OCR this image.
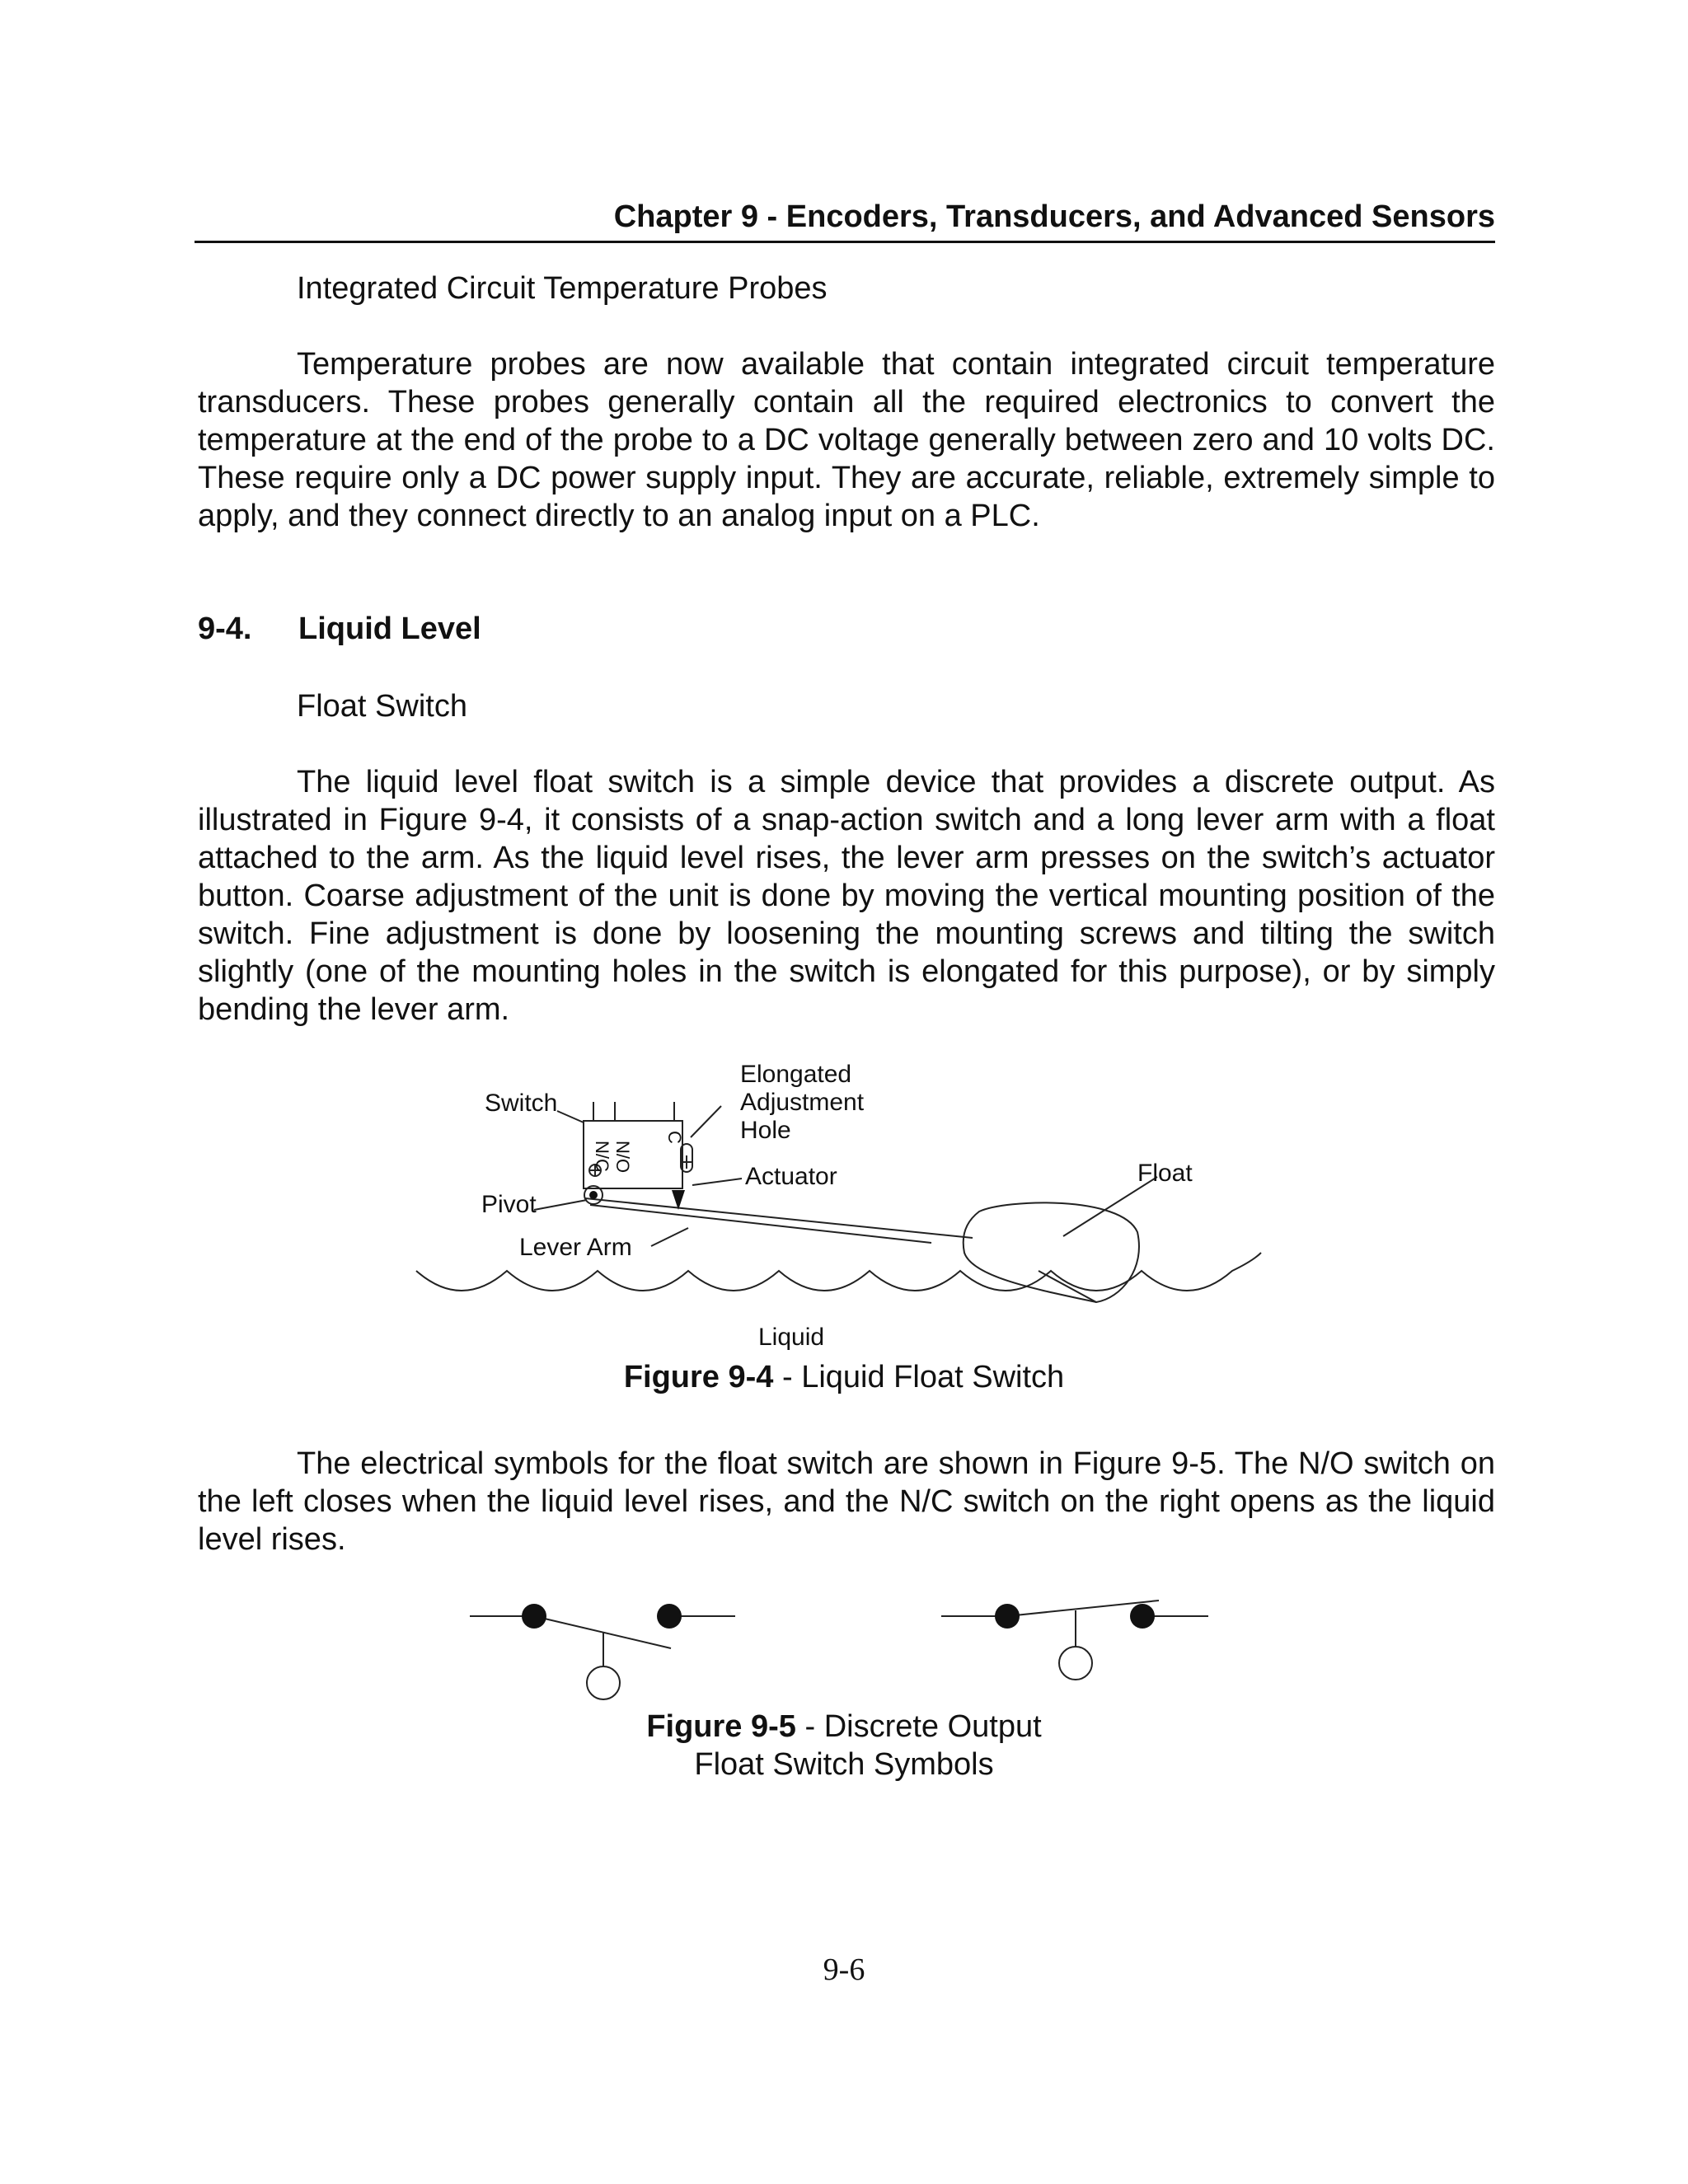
Chapter 9 - Encoders, Transducers, and Advanced Sensors
Integrated Circuit Temperature Probes
Temperature probes are now available that contain integrated circuit temperature transducers. These probes generally contain all the required electronics to convert the temperature at the end of the probe to a DC voltage generally between zero and 10 volts DC. These require only a DC power supply input. They are accurate, reliable, extremely simple to apply, and they connect directly to an analog input on a PLC.
9-4. Liquid Level
Float Switch
The liquid level float switch is a simple device that provides a discrete output. As illustrated in Figure 9-4, it consists of a snap-action switch and a long lever arm with a float attached to the arm. As the liquid level rises, the lever arm presses on the switch’s actuator button. Coarse adjustment of the unit is done by moving the vertical mounting position of the switch. Fine adjustment is done by loosening the mounting screws and tilting the switch slightly (one of the mounting holes in the switch is elongated for this purpose), or by simply bending the lever arm.
N/O
N/C
C
Switch
Elongated
Adjustment
Hole
Actuator	Float
Pivot
Lever Arm
Liquid
Figure 9-4 - Liquid Float Switch
The electrical symbols for the float switch are shown in Figure 9-5. The N/O switch on the left closes when the liquid level rises, and the N/C switch on the right opens as the liquid level rises.
Figure 9-5 - Discrete Output
Float Switch Symbols
9-6
